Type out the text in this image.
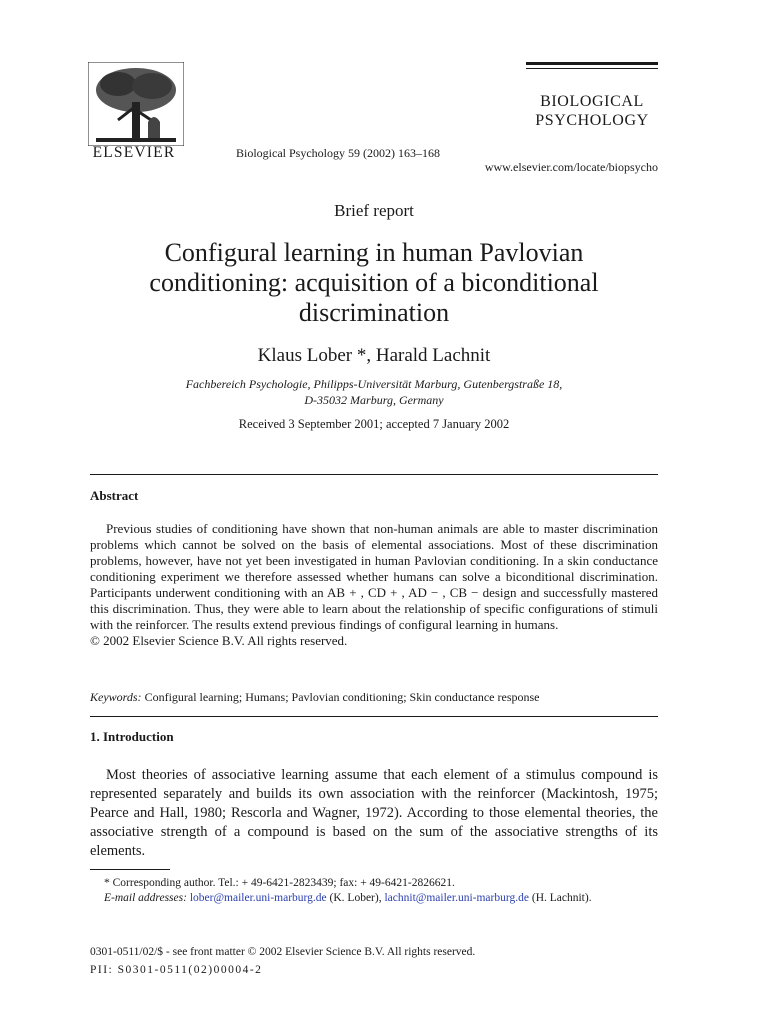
ELSEVIER	Biological Psychology 59 (2002) 163–168
BIOLOGICAL
PSYCHOLOGY
www.elsevier.com/locate/biopsycho
Brief report
Configural learning in human Pavlovian
conditioning: acquisition of a biconditional
discrimination
Klaus Lober *, Harald Lachnit
Fachbereich Psychologie, Philipps-Universität Marburg, Gutenbergstraße 18,
D-35032 Marburg, Germany
Received 3 September 2001; accepted 7 January 2002
Abstract
Previous studies of conditioning have shown that non-human animals are able to master discrimination problems which cannot be solved on the basis of elemental associations. Most of these discrimination problems, however, have not yet been investigated in human Pavlovian conditioning. In a skin conductance conditioning experiment we therefore assessed whether humans can solve a biconditional discrimination. Participants underwent conditioning with an AB + , CD + , AD − , CB − design and successfully mastered this discrimination. Thus, they were able to learn about the relationship of specific configurations of stimuli with the reinforcer. The results extend previous findings of configural learning in humans.
© 2002 Elsevier Science B.V. All rights reserved.
Keywords: Configural learning; Humans; Pavlovian conditioning; Skin conductance response
1. Introduction
Most theories of associative learning assume that each element of a stimulus compound is represented separately and builds its own association with the reinforcer (Mackintosh, 1975; Pearce and Hall, 1980; Rescorla and Wagner, 1972). According to those elemental theories, the associative strength of a compound is based on the sum of the associative strengths of its elements.
* Corresponding author. Tel.: + 49-6421-2823439; fax: + 49-6421-2826621.
E-mail addresses: lober@mailer.uni-marburg.de (K. Lober), lachnit@mailer.uni-marburg.de (H. Lachnit).
0301-0511/02/$ - see front matter © 2002 Elsevier Science B.V. All rights reserved.
PII: S0301-0511(02)00004-2
